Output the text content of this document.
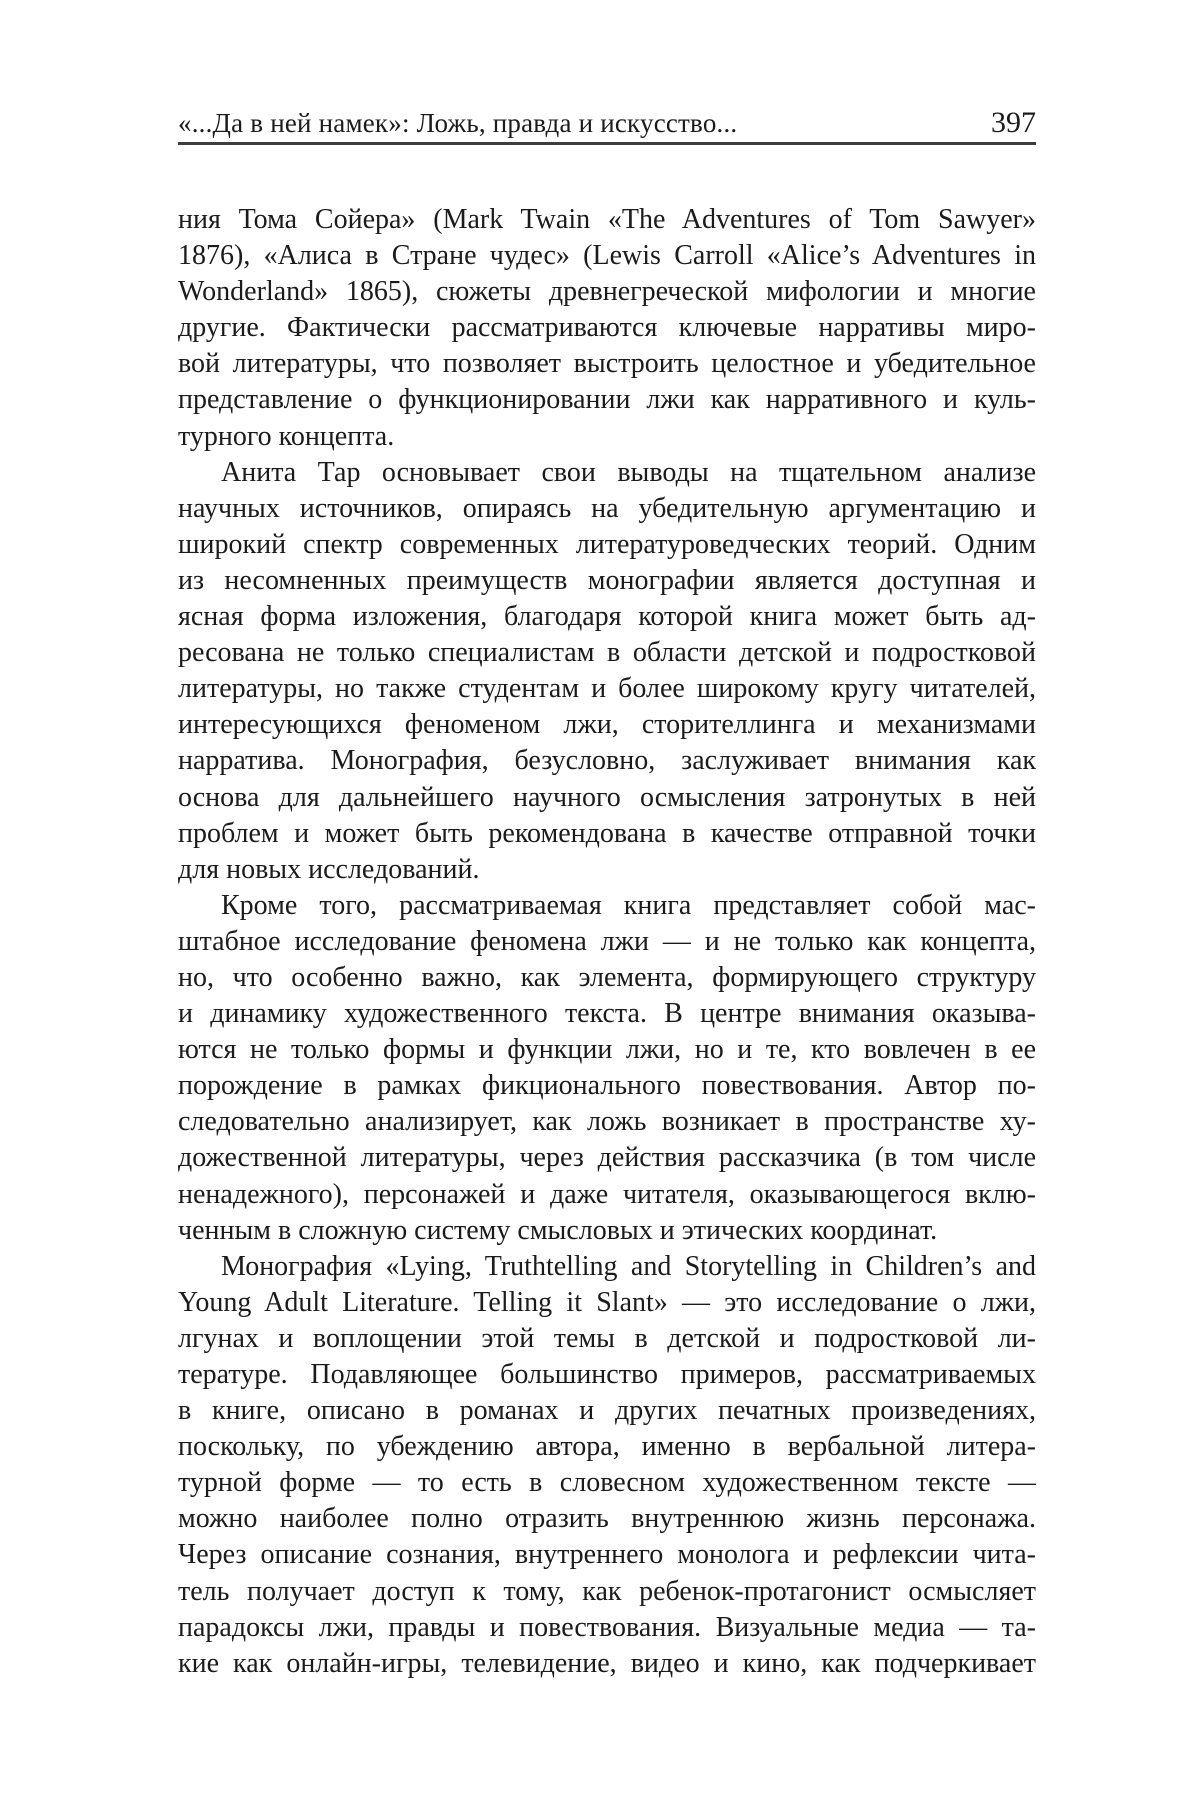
«...Да в ней намек»: Ложь, правда и искусство...	397
ния Тома Сойера» (Mark Twain «The Adventures of Tom Sawyer»
1876), «Алиса в Стране чудес» (Lewis Carroll «Alice’s Adventures in
Wonderland» 1865), сюжеты древнегреческой мифологии и многие
другие. Фактически рассматриваются ключевые нарративы миро-
вой литературы, что позволяет выстроить целостное и убедительное
представление о функционировании лжи как нарративного и куль-
турного концепта.
Анита Тар основывает свои выводы на тщательном анализе
научных источников, опираясь на убедительную аргументацию и
широкий спектр современных литературоведческих теорий. Одним
из несомненных преимуществ монографии является доступная и
ясная форма изложения, благодаря которой книга может быть ад-
ресована не только специалистам в области детской и подростковой
литературы, но также студентам и более широкому кругу читателей,
интересующихся феноменом лжи, сторителлинга и механизмами
нарратива. Монография, безусловно, заслуживает внимания как
основа для дальнейшего научного осмысления затронутых в ней
проблем и может быть рекомендована в качестве отправной точки
для новых исследований.
Кроме того, рассматриваемая книга представляет собой мас-
штабное исследование феномена лжи — и не только как концепта,
но, что особенно важно, как элемента, формирующего структуру
и динамику художественного текста. В центре внимания оказыва-
ются не только формы и функции лжи, но и те, кто вовлечен в ее
порождение в рамках фикционального повествования. Автор по-
следовательно анализирует, как ложь возникает в пространстве ху-
дожественной литературы, через действия рассказчика (в том числе
ненадежного), персонажей и даже читателя, оказывающегося вклю-
ченным в сложную систему смысловых и этических координат.
Монография «Lying, Truthtelling and Storytelling in Children’s and
Young Adult Literature. Telling it Slant» — это исследование о лжи,
лгунах и воплощении этой темы в детской и подростковой ли-
тературе. Подавляющее большинство примеров, рассматриваемых
в книге, описано в романах и других печатных произведениях,
поскольку, по убеждению автора, именно в вербальной литера-
турной форме — то есть в словесном художественном тексте —
можно наиболее полно отразить внутреннюю жизнь персонажа.
Через описание сознания, внутреннего монолога и рефлексии чита-
тель получает доступ к тому, как ребенок-протагонист осмысляет
парадоксы лжи, правды и повествования. Визуальные медиа — та-
кие как онлайн-игры, телевидение, видео и кино, как подчеркивает
